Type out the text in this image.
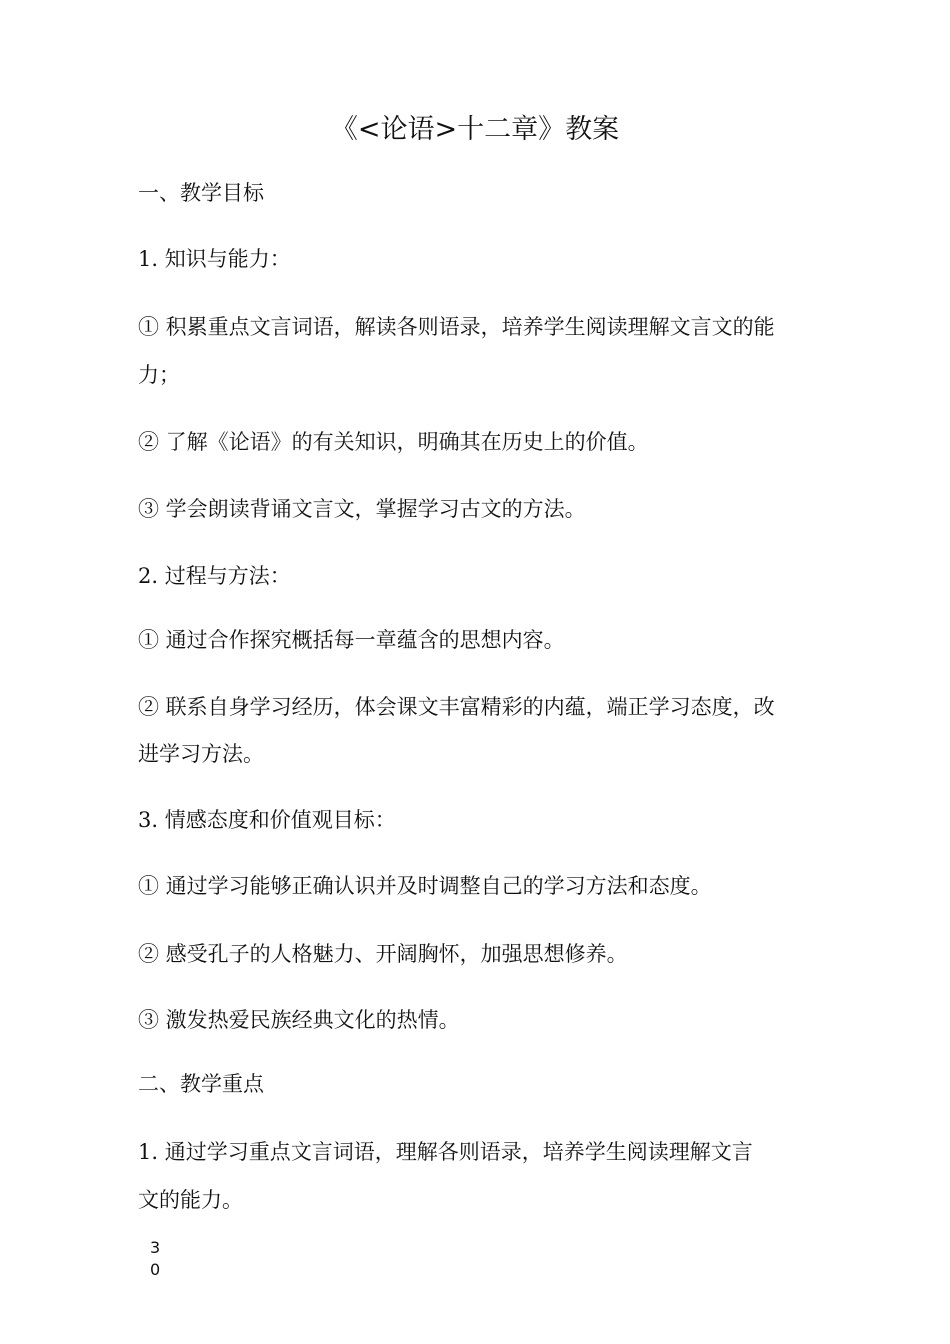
《<论语>十二章》教案

一、教学目标

1. 知识与能力：

① 积累重点文言词语，解读各则语录，培养学生阅读理解文言文的能

力；

② 了解《论语》的有关知识，明确其在历史上的价值。

③ 学会朗读背诵文言文，掌握学习古文的方法。

2. 过程与方法：

① 通过合作探究概括每一章蕴含的思想内容。

② 联系自身学习经历，体会课文丰富精彩的内蕴，端正学习态度，改

进学习方法。

3. 情感态度和价值观目标：

① 通过学习能够正确认识并及时调整自己的学习方法和态度。

② 感受孔子的人格魅力、开阔胸怀，加强思想修养。

③ 激发热爱民族经典文化的热情。

二、教学重点

1. 通过学习重点文言词语，理解各则语录，培养学生阅读理解文言

文的能力。

30
